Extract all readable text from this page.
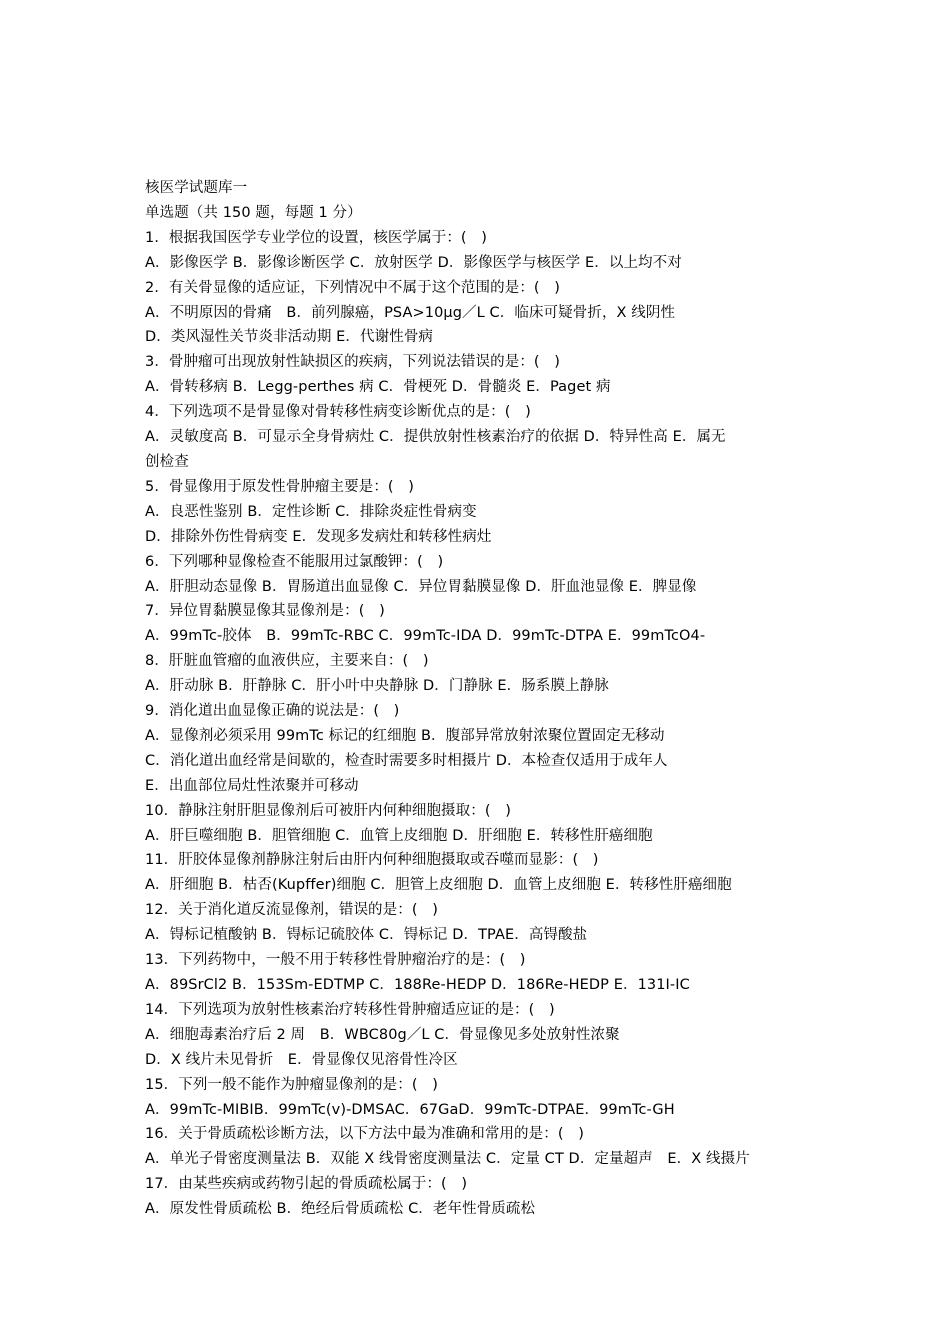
核医学试题库一
单选题（共 150 题，每题 1 分）
1．根据我国医学专业学位的设置，核医学属于：(　)
A．影像医学 B．影像诊断医学 C．放射医学 D．影像医学与核医学 E．以上均不对
2．有关骨显像的适应证，下列情况中不属于这个范围的是：(　)
A．不明原因的骨痛　B．前列腺癌，PSA>10μg／L C．临床可疑骨折，X 线阴性
D．类风湿性关节炎非活动期 E．代谢性骨病
3．骨肿瘤可出现放射性缺损区的疾病，下列说法错误的是：(　)
A．骨转移病 B．Legg-perthes 病 C．骨梗死 D．骨髓炎 E．Paget 病
4．下列选项不是骨显像对骨转移性病变诊断优点的是：(　)
A．灵敏度高 B．可显示全身骨病灶 C．提供放射性核素治疗的依据 D．特异性高 E．属无
创检查
5．骨显像用于原发性骨肿瘤主要是：(　)
A．良恶性鉴别 B．定性诊断 C．排除炎症性骨病变
D．排除外伤性骨病变 E．发现多发病灶和转移性病灶
6．下列哪种显像检查不能服用过氯酸钾：(　)
A．肝胆动态显像 B．胃肠道出血显像 C．异位胃黏膜显像 D．肝血池显像 E．脾显像
7．异位胃黏膜显像其显像剂是：(　)
A．99mTc-胶体　B．99mTc-RBC C．99mTc-IDA D．99mTc-DTPA E．99mTcO4-
8．肝脏血管瘤的血液供应，主要来自：(　)
A．肝动脉 B．肝静脉 C．肝小叶中央静脉 D．门静脉 E．肠系膜上静脉
9．消化道出血显像正确的说法是：(　)
A．显像剂必须采用 99mTc 标记的红细胞 B．腹部异常放射浓聚位置固定无移动
C．消化道出血经常是间歇的，检查时需要多时相摄片 D．本检查仅适用于成年人
E．出血部位局灶性浓聚并可移动
10．静脉注射肝胆显像剂后可被肝内何种细胞摄取：(　)
A．肝巨噬细胞 B．胆管细胞 C．血管上皮细胞 D．肝细胞 E．转移性肝癌细胞
11．肝胶体显像剂静脉注射后由肝内何种细胞摄取或吞噬而显影：(　)
A．肝细胞 B．枯否(Kupffer)细胞 C．胆管上皮细胞 D．血管上皮细胞 E．转移性肝癌细胞
12．关于消化道反流显像剂，错误的是：(　)
A．锝标记植酸钠 B．锝标记硫胶体 C．锝标记 D．TPAE．高锝酸盐
13．下列药物中，一般不用于转移性骨肿瘤治疗的是：(　)
A．89SrCl2 B．153Sm-EDTMP C．188Re-HEDP D．186Re-HEDP E．131I-IC
14．下列选项为放射性核素治疗转移性骨肿瘤适应证的是：(　)
A．细胞毒素治疗后 2 周　B．WBC80g／L C．骨显像见多处放射性浓聚
D．X 线片未见骨折　E．骨显像仅见溶骨性冷区
15．下列一般不能作为肿瘤显像剂的是：(　)
A．99mTc-MIBIB．99mTc(v)-DMSAC．67GaD．99mTc-DTPAE．99mTc-GH
16．关于骨质疏松诊断方法，以下方法中最为准确和常用的是：(　)
A．单光子骨密度测量法 B．双能 X 线骨密度测量法 C．定量 CT D．定量超声　E．X 线摄片
17．由某些疾病或药物引起的骨质疏松属于：(　)
A．原发性骨质疏松 B．绝经后骨质疏松 C．老年性骨质疏松
